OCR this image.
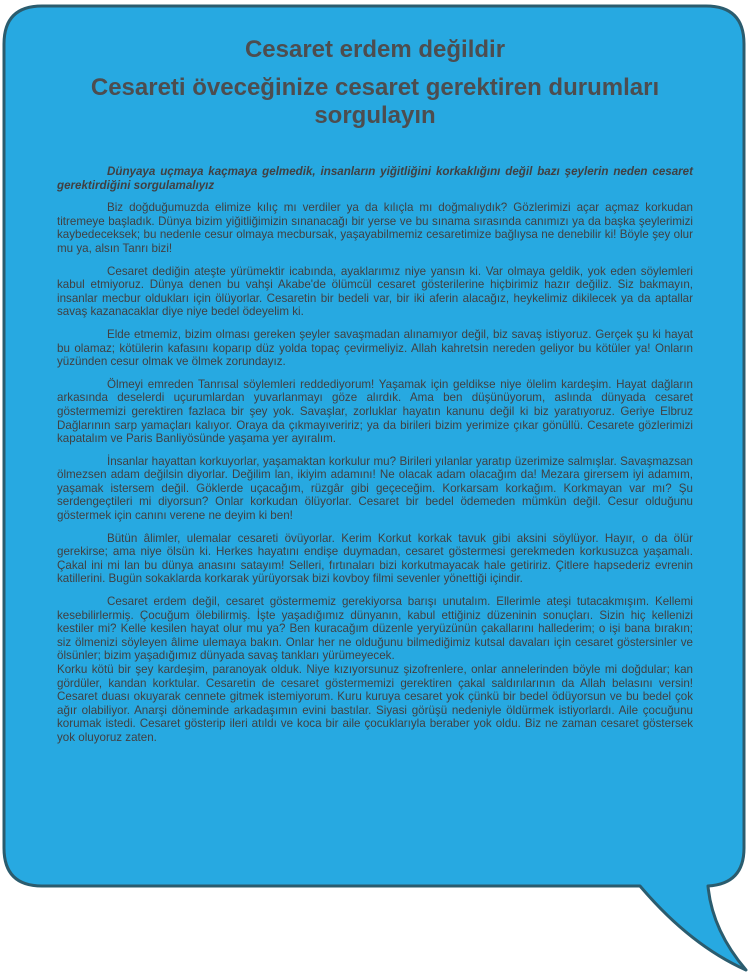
Cesaret erdem değildir
Cesareti öveceğinize cesaret gerektiren durumları sorgulayın

Dünyaya uçmaya kaçmaya gelmedik, insanların yiğitliğini korkaklığını değil bazı şeylerin neden cesaret gerektirdiğini sorgulamalıyız

Biz doğduğumuzda elimize kılıç mı verdiler ya da kılıçla mı doğmalıydık? Gözlerimizi açar açmaz korkudan titremeye başladık. Dünya bizim yiğitliğimizin sınanacağı bir yerse ve bu sınama sırasında canımızı ya da başka şeylerimizi kaybedeceksek; bu nedenle cesur olmaya mecbursak, yaşayabilmemiz cesaretimize bağlıysa ne denebilir ki! Böyle şey olur mu ya, alsın Tanrı bizi!

Cesaret dediğin ateşte yürümektir icabında, ayaklarımız niye yansın ki. Var olmaya geldik, yok eden söylemleri kabul etmiyoruz. Dünya denen bu vahşi Akabe'de ölümcül cesaret gösterilerine hiçbirimiz hazır değiliz. Siz bakmayın, insanlar mecbur oldukları için ölüyorlar. Cesaretin bir bedeli var, bir iki aferin alacağız, heykelimiz dikilecek ya da aptallar savaş kazanacaklar diye niye bedel ödeyelim ki.

Elde etmemiz, bizim olması gereken şeyler savaşmadan alınamıyor değil, biz savaş istiyoruz. Gerçek şu ki hayat bu olamaz; kötülerin kafasını koparıp düz yolda topaç çevirmeliyiz. Allah kahretsin nereden geliyor bu kötüler ya! Onların yüzünden cesur olmak ve ölmek zorundayız.

Ölmeyi emreden Tanrısal söylemleri reddediyorum! Yaşamak için geldikse niye ölelim kardeşim. Hayat dağların arkasında deselerdi uçurumlardan yuvarlanmayı göze alırdık. Ama ben düşünüyorum, aslında dünyada cesaret göstermemizi gerektiren fazlaca bir şey yok. Savaşlar, zorluklar hayatın kanunu değil ki biz yaratıyoruz. Geriye Elbruz Dağlarının sarp yamaçları kalıyor. Oraya da çıkmayıveririz; ya da birileri bizim yerimize çıkar gönüllü. Cesarete gözlerimizi kapatalım ve Paris Banliyösünde yaşama yer ayıralım.

İnsanlar hayattan korkuyorlar, yaşamaktan korkulur mu? Birileri yılanlar yaratıp üzerimize salmışlar. Savaşmazsan ölmezsen adam değilsin diyorlar. Değilim lan, ikiyim adamını! Ne olacak adam olacağım da! Mezara girersem iyi adamım, yaşamak istersem değil. Göklerde uçacağım, rüzgâr gibi geçeceğim. Korkarsam korkağım. Korkmayan var mı? Şu serdengeçtileri mi diyorsun? Onlar korkudan ölüyorlar. Cesaret bir bedel ödemeden mümkün değil. Cesur olduğunu göstermek için canını verene ne deyim ki ben!

Bütün âlimler, ulemalar cesareti övüyorlar. Kerim Korkut korkak tavuk gibi aksini söylüyor. Hayır, o da ölür gerekirse; ama niye ölsün ki. Herkes hayatını endişe duymadan, cesaret göstermesi gerekmeden korkusuzca yaşamalı. Çakal ini mi lan bu dünya anasını satayım! Selleri, fırtınaları bizi korkutmayacak hale getiririz. Çitlere hapsederiz evrenin katillerini. Bugün sokaklarda korkarak yürüyorsak bizi kovboy filmi sevenler yönettiği içindir.

Cesaret erdem değil, cesaret göstermemiz gerekiyorsa barışı unutalım. Ellerimle ateşi tutacakmışım. Kellemi kesebilirlermiş. Çocuğum ölebilirmiş. İşte yaşadığımız dünyanın, kabul ettiğiniz düzeninin sonuçları. Sizin hiç kellenizi kestiler mi? Kelle kesilen hayat olur mu ya? Ben kuracağım düzenle yeryüzünün çakallarını hallederim; o işi bana bırakın; siz ölmenizi söyleyen âlime ulemaya bakın. Onlar her ne olduğunu bilmediğimiz kutsal davaları için cesaret göstersinler ve ölsünler; bizim yaşadığımız dünyada savaş tankları yürümeyecek.

Korku kötü bir şey kardeşim, paranoyak olduk. Niye kızıyorsunuz şizofrenlere, onlar annelerinden böyle mi doğdular; kan gördüler, kandan korktular. Cesaretin de cesaret göstermemizi gerektiren çakal saldırılarının da Allah belasını versin! Cesaret duası okuyarak cennete gitmek istemiyorum. Kuru kuruya cesaret yok çünkü bir bedel ödüyorsun ve bu bedel çok ağır olabiliyor. Anarşi döneminde arkadaşımın evini bastılar. Siyasi görüşü nedeniyle öldürmek istiyorlardı. Aile çocuğunu korumak istedi. Cesaret gösterip ileri atıldı ve koca bir aile çocuklarıyla beraber yok oldu. Biz ne zaman cesaret göstersek yok oluyoruz zaten.
